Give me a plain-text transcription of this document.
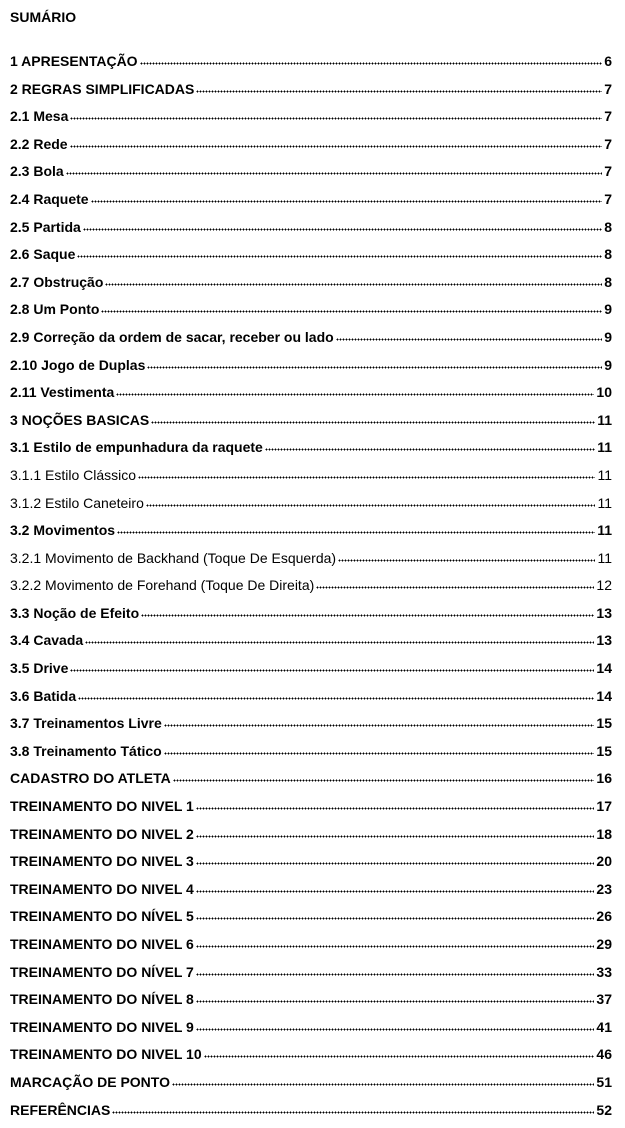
SUMÁRIO
1 APRESENTAÇÃO	6
2 REGRAS SIMPLIFICADAS	7
2.1 Mesa	7
2.2 Rede	7
2.3 Bola	7
2.4 Raquete	7
2.5 Partida	8
2.6 Saque	8
2.7 Obstrução	8
2.8 Um Ponto	9
2.9 Correção da ordem de sacar, receber ou lado	9
2.10 Jogo de Duplas	9
2.11 Vestimenta	10
3 NOÇÕES BASICAS	11
3.1 Estilo de empunhadura da raquete	11
3.1.1 Estilo Clássico	11
3.1.2 Estilo Caneteiro	11
3.2 Movimentos	11
3.2.1 Movimento de Backhand (Toque De Esquerda)	11
3.2.2 Movimento de Forehand (Toque De Direita)	12
3.3 Noção de Efeito	13
3.4 Cavada	13
3.5 Drive	14
3.6 Batida	14
3.7 Treinamentos Livre	15
3.8 Treinamento Tático	15
CADASTRO DO ATLETA	16
TREINAMENTO DO NIVEL 1	17
TREINAMENTO DO NIVEL 2	18
TREINAMENTO DO NIVEL 3	20
TREINAMENTO DO NIVEL 4	23
TREINAMENTO DO NÍVEL 5	26
TREINAMENTO DO NIVEL 6	29
TREINAMENTO DO NÍVEL 7	33
TREINAMENTO DO NÍVEL 8	37
TREINAMENTO DO NIVEL 9	41
TREINAMENTO DO NIVEL 10	46
MARCAÇÃO DE PONTO	51
REFERÊNCIAS	52
